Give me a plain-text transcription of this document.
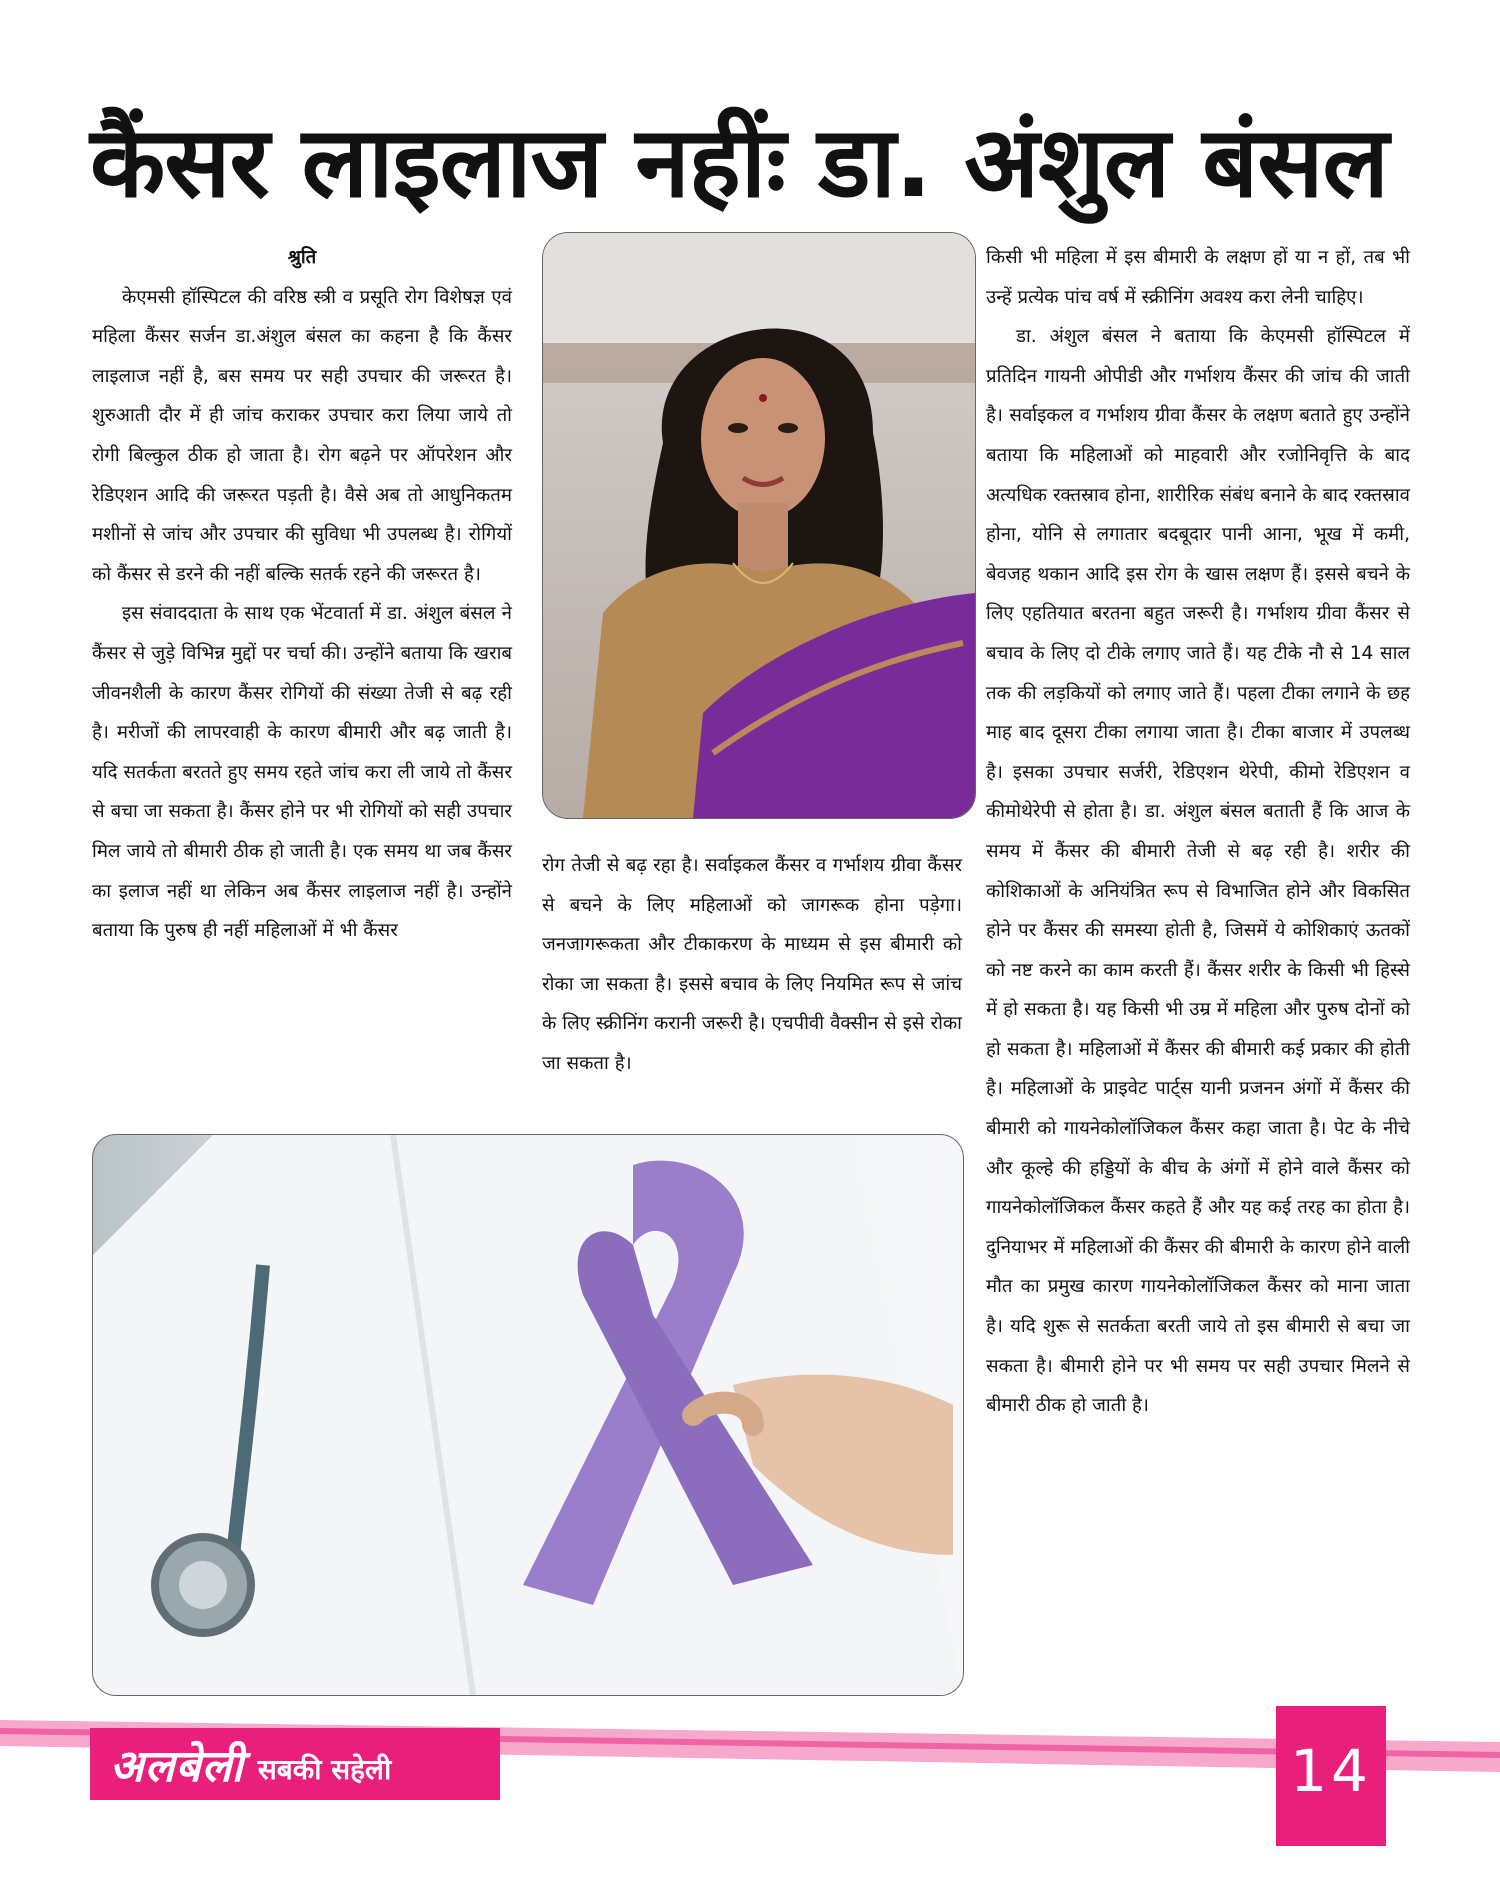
कैंसर लाइलाज नहींः डा. अंशुल बंसल

श्रुति

केएमसी हॉस्पिटल की वरिष्ठ स्त्री व प्रसूति रोग विशेषज्ञ एवं महिला कैंसर सर्जन डा.अंशुल बंसल का कहना है कि कैंसर लाइलाज नहीं है, बस समय पर सही उपचार की जरूरत है। शुरुआती दौर में ही जांच कराकर उपचार करा लिया जाये तो रोगी बिल्कुल ठीक हो जाता है। रोग बढ़ने पर ऑपरेशन और रेडिएशन आदि की जरूरत पड़ती है। वैसे अब तो आधुनिकतम मशीनों से जांच और उपचार की सुविधा भी उपलब्ध है। रोगियों को कैंसर से डरने की नहीं बल्कि सतर्क रहने की जरूरत है।

इस संवाददाता के साथ एक भेंटवार्ता में डा. अंशुल बंसल ने कैंसर से जुड़े विभिन्न मुद्दों पर चर्चा की। उन्होंने बताया कि खराब जीवनशैली के कारण कैंसर रोगियों की संख्या तेजी से बढ़ रही है। मरीजों की लापरवाही के कारण बीमारी और बढ़ जाती है। यदि सतर्कता बरतते हुए समय रहते जांच करा ली जाये तो कैंसर से बचा जा सकता है। कैंसर होने पर भी रोगियों को सही उपचार मिल जाये तो बीमारी ठीक हो जाती है। एक समय था जब कैंसर का इलाज नहीं था लेकिन अब कैंसर लाइलाज नहीं है। उन्होंने बताया कि पुरुष ही नहीं महिलाओं में भी कैंसर

रोग तेजी से बढ़ रहा है। सर्वाइकल कैंसर व गर्भाशय ग्रीवा कैंसर से बचने के लिए महिलाओं को जागरूक होना पड़ेगा। जनजागरूकता और टीकाकरण के माध्यम से इस बीमारी को रोका जा सकता है। इससे बचाव के लिए नियमित रूप से जांच के लिए स्क्रीनिंग करानी जरूरी है। एचपीवी वैक्सीन से इसे रोका जा सकता है।

किसी भी महिला में इस बीमारी के लक्षण हों या न हों, तब भी उन्हें प्रत्येक पांच वर्ष में स्क्रीनिंग अवश्य करा लेनी चाहिए।

डा. अंशुल बंसल ने बताया कि केएमसी हॉस्पिटल में प्रतिदिन गायनी ओपीडी और गर्भाशय कैंसर की जांच की जाती है। सर्वाइकल व गर्भाशय ग्रीवा कैंसर के लक्षण बताते हुए उन्होंने बताया कि महिलाओं को माहवारी और रजोनिवृत्ति के बाद अत्यधिक रक्तस्राव होना, शारीरिक संबंध बनाने के बाद रक्तस्राव होना, योनि से लगातार बदबूदार पानी आना, भूख में कमी, बेवजह थकान आदि इस रोग के खास लक्षण हैं। इससे बचने के लिए एहतियात बरतना बहुत जरूरी है। गर्भाशय ग्रीवा कैंसर से बचाव के लिए दो टीके लगाए जाते हैं। यह टीके नौ से 14 साल तक की लड़कियों को लगाए जाते हैं। पहला टीका लगाने के छह माह बाद दूसरा टीका लगाया जाता है। टीका बाजार में उपलब्ध है। इसका उपचार सर्जरी, रेडिएशन थेरेपी, कीमो रेडिएशन व कीमोथेरेपी से होता है। डा. अंशुल बंसल बताती हैं कि आज के समय में कैंसर की बीमारी तेजी से बढ़ रही है। शरीर की कोशिकाओं के अनियंत्रित रूप से विभाजित होने और विकसित होने पर कैंसर की समस्या होती है, जिसमें ये कोशिकाएं ऊतकों को नष्ट करने का काम करती हैं। कैंसर शरीर के किसी भी हिस्से में हो सकता है। यह किसी भी उम्र में महिला और पुरुष दोनों को हो सकता है। महिलाओं में कैंसर की बीमारी कई प्रकार की होती है। महिलाओं के प्राइवेट पार्ट्स यानी प्रजनन अंगों में कैंसर की बीमारी को गायनेकोलॉजिकल कैंसर कहा जाता है। पेट के नीचे और कूल्हे की हड्डियों के बीच के अंगों में होने वाले कैंसर को गायनेकोलॉजिकल कैंसर कहते हैं और यह कई तरह का होता है। दुनियाभर में महिलाओं की कैंसर की बीमारी के कारण होने वाली मौत का प्रमुख कारण गायनेकोलॉजिकल कैंसर को माना जाता है। यदि शुरू से सतर्कता बरती जाये तो इस बीमारी से बचा जा सकता है। बीमारी होने पर भी समय पर सही उपचार मिलने से बीमारी ठीक हो जाती है।

अलबेली सबकी सहेली	14
